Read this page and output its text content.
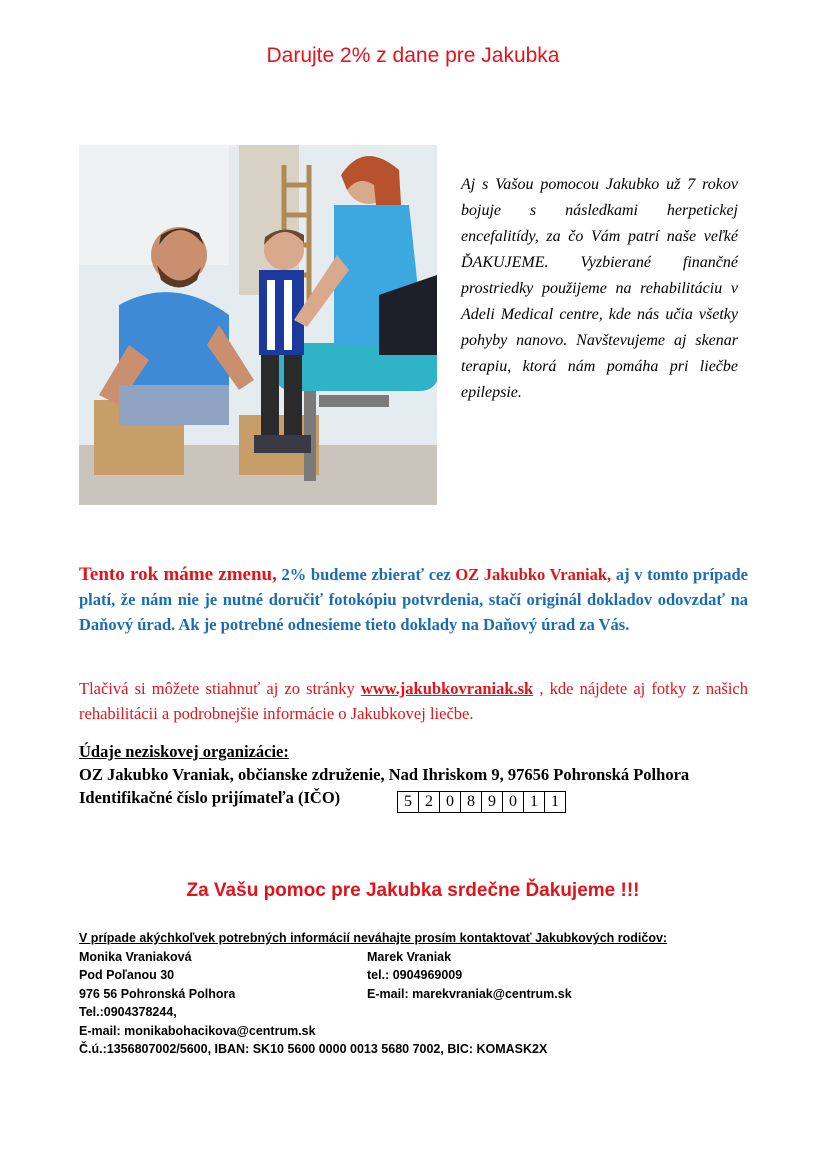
Darujte 2% z dane pre Jakubka
Aj s Vašou pomocou Jakubko už 7 rokov bojuje s následkami herpetickej encefalitídy, za čo Vám patrí naše veľké ĎAKUJEME. Vyzbierané finančné prostriedky použijeme na rehabilitáciu v Adeli Medical centre, kde nás učia všetky pohyby nanovo. Navštevujeme aj skenar terapiu, ktorá nám pomáha pri liečbe epilepsie.
Tento rok máme zmenu, 2% budeme zbierať cez OZ Jakubko Vraniak, aj v tomto prípade platí, že nám nie je nutné doručiť fotokópiu potvrdenia, stačí originál dokladov odovzdať na Daňový úrad. Ak je potrebné odnesieme tieto doklady na Daňový úrad za Vás.
Tlačivá si môžete stiahnuť aj zo stránky www.jakubkovraniak.sk , kde nájdete aj fotky z našich rehabilitácii a podrobnejšie informácie o Jakubkovej liečbe.
Údaje neziskovej organizácie:
OZ Jakubko Vraniak, občianske združenie, Nad Ihriskom 9, 97656 Pohronská Polhora
Identifikačné číslo prijímateľa (IČO)	5	2	0	8	9	0	1	1
Za Vašu pomoc pre Jakubka srdečne Ďakujeme !!!
V prípade akýchkoľvek potrebných informácií neváhajte prosím kontaktovať Jakubkových rodičov:
Monika Vraniaková	Marek Vraniak
Pod Poľanou 30	tel.: 0904969009
976 56 Pohronská Polhora	E-mail: marekvraniak@centrum.sk
Tel.:0904378244,
E-mail: monikabohacikova@centrum.sk
Č.ú.:1356807002/5600, IBAN: SK10 5600 0000 0013 5680 7002, BIC: KOMASK2X
